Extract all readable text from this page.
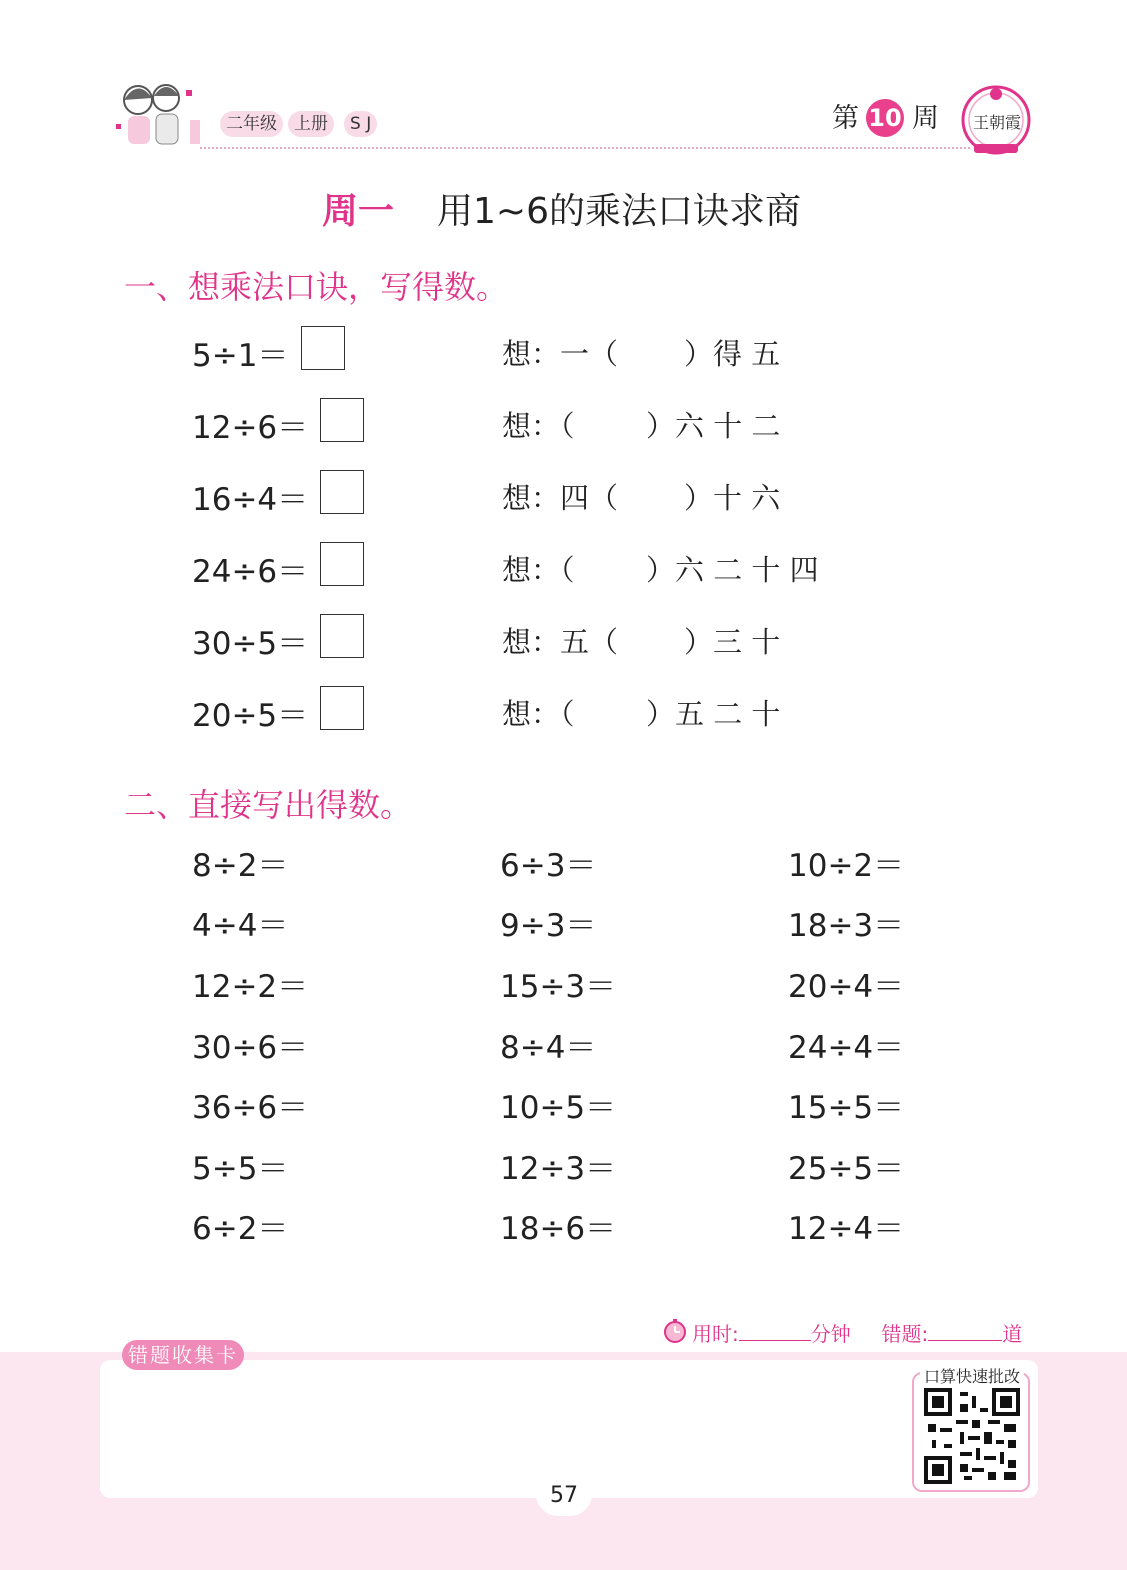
二年级	上册	S J	第 10 周	王朝霞
周一 用1~6的乘法口诀求商
一、想乘法口诀，写得数。
5÷1＝	想：一（ ）得 五
12÷6＝	想：（ ）六 十 二
16÷4＝	想：四（ ）十 六
24÷6＝	想：（ ）六 二 十 四
30÷5＝	想：五（ ）三 十
20÷5＝	想：（ ）五 二 十
二、直接写出得数。
8÷2＝	6÷3＝	10÷2＝
4÷4＝	9÷3＝	18÷3＝
12÷2＝	15÷3＝	20÷4＝
30÷6＝	8÷4＝	24÷4＝
36÷6＝	10÷5＝	15÷5＝
5÷5＝	12÷3＝	25÷5＝
6÷2＝	18÷6＝	12÷4＝
用时:	分钟 错题:	道
错题收集卡
口算快速批改
57
